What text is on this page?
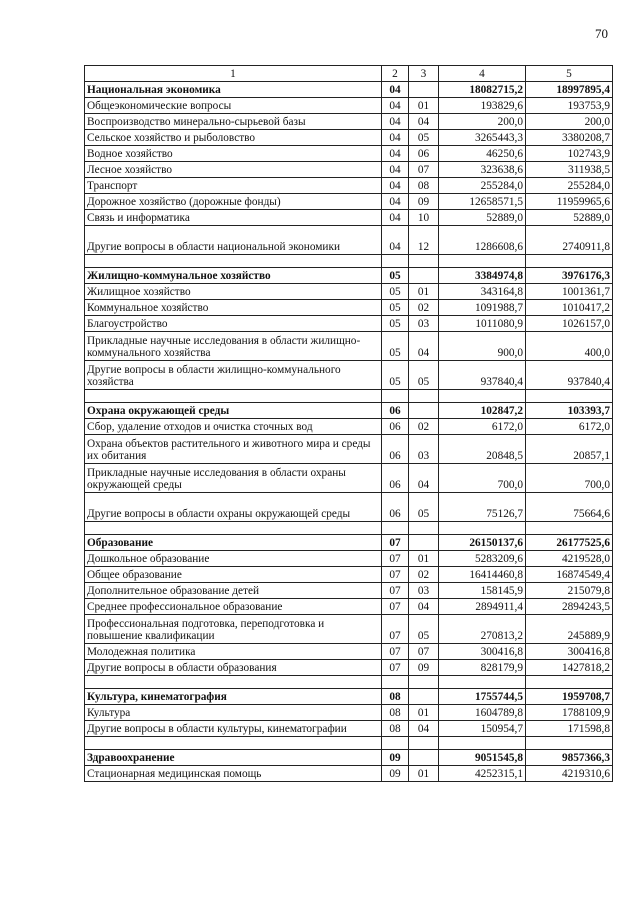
70
1	2	3	4	5
Национальная экономика	04		18082715,2	18997895,4
Общеэкономические вопросы	04	01	193829,6	193753,9
Воспроизводство минерально-сырьевой базы	04	04	200,0	200,0
Сельское хозяйство и рыболовство	04	05	3265443,3	3380208,7
Водное хозяйство	04	06	46250,6	102743,9
Лесное хозяйство	04	07	323638,6	311938,5
Транспорт	04	08	255284,0	255284,0
Дорожное хозяйство (дорожные фонды)	04	09	12658571,5	11959965,6
Связь и информатика	04	10	52889,0	52889,0
Другие вопросы в области национальной экономики	04	12	1286608,6	2740911,8

Жилищно-коммунальное хозяйство	05		3384974,8	3976176,3
Жилищное хозяйство	05	01	343164,8	1001361,7
Коммунальное хозяйство	05	02	1091988,7	1010417,2
Благоустройство	05	03	1011080,9	1026157,0
Прикладные научные исследования в области жилищно-коммунального хозяйства	05	04	900,0	400,0
Другие вопросы в области жилищно-коммунального хозяйства	05	05	937840,4	937840,4

Охрана окружающей среды	06		102847,2	103393,7
Сбор, удаление отходов и очистка сточных вод	06	02	6172,0	6172,0
Охрана объектов растительного и животного мира и среды их обитания	06	03	20848,5	20857,1
Прикладные научные исследования в области охраны окружающей среды	06	04	700,0	700,0
Другие вопросы в области охраны окружающей среды	06	05	75126,7	75664,6

Образование	07		26150137,6	26177525,6
Дошкольное образование	07	01	5283209,6	4219528,0
Общее образование	07	02	16414460,8	16874549,4
Дополнительное образование детей	07	03	158145,9	215079,8
Среднее профессиональное образование	07	04	2894911,4	2894243,5
Профессиональная подготовка, переподготовка и повышение квалификации	07	05	270813,2	245889,9
Молодежная политика	07	07	300416,8	300416,8
Другие вопросы в области образования	07	09	828179,9	1427818,2

Культура, кинематография	08		1755744,5	1959708,7
Культура	08	01	1604789,8	1788109,9
Другие вопросы в области культуры, кинематографии	08	04	150954,7	171598,8

Здравоохранение	09		9051545,8	9857366,3
Стационарная медицинская помощь	09	01	4252315,1	4219310,6
